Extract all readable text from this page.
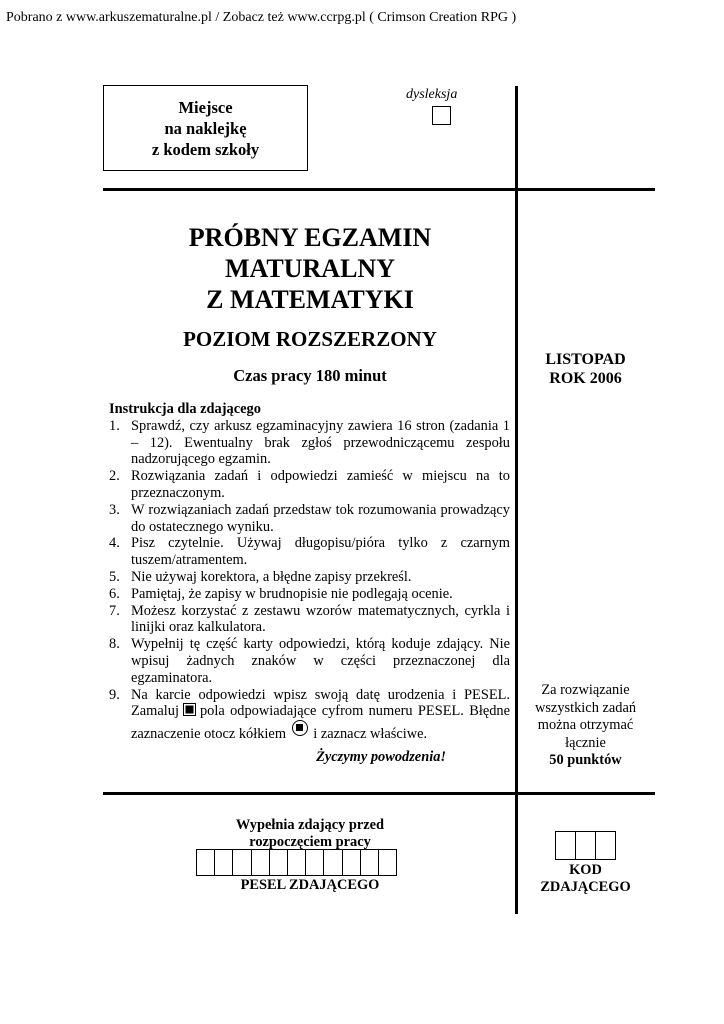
Pobrano z www.arkuszematuralne.pl / Zobacz też www.ccrpg.pl ( Crimson Creation RPG )
Miejsce
na naklejkę
z kodem szkoły
dysleksja
PRÓBNY EGZAMIN
MATURALNY
Z MATEMATYKI
POZIOM ROZSZERZONY
Czas pracy 180 minut
LISTOPAD
ROK 2006
Instrukcja dla zdającego
1. Sprawdź, czy arkusz egzaminacyjny zawiera 16 stron (zadania 1 – 12). Ewentualny brak zgłoś przewodniczącemu zespołu nadzorującego egzamin.
2. Rozwiązania zadań i odpowiedzi zamieść w miejscu na to przeznaczonym.
3. W rozwiązaniach zadań przedstaw tok rozumowania prowadzący do ostatecznego wyniku.
4. Pisz czytelnie. Używaj długopisu/pióra tylko z czarnym tuszem/atramentem.
5. Nie używaj korektora, a błędne zapisy przekreśl.
6. Pamiętaj, że zapisy w brudnopisie nie podlegają ocenie.
7. Możesz korzystać z zestawu wzorów matematycznych, cyrkla i linijki oraz kalkulatora.
8. Wypełnij tę część karty odpowiedzi, którą koduje zdający. Nie wpisuj żadnych znaków w części przeznaczonej dla egzaminatora.
9. Na karcie odpowiedzi wpisz swoją datę urodzenia i PESEL. Zamaluj pola odpowiadające cyfrom numeru PESEL. Błędne zaznaczenie otocz kółkiem i zaznacz właściwe.
Życzymy powodzenia!
Za rozwiązanie
wszystkich zadań
można otrzymać
łącznie
50 punktów
Wypełnia zdający przed
rozpoczęciem pracy
PESEL ZDAJĄCEGO
KOD
ZDAJĄCEGO
